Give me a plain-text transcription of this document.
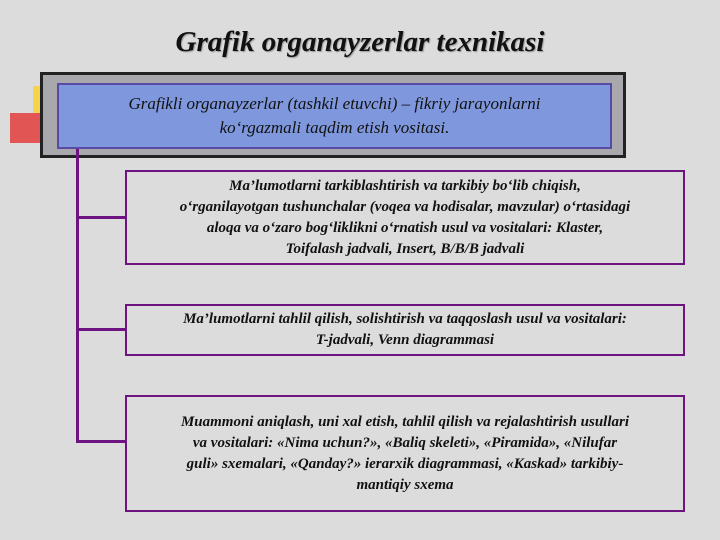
Grafik organayzerlar texnikasi
Grafikli organayzerlar (tashkil etuvchi) – fikriy jarayonlarni
koʻrgazmali taqdim etish vositasi.
Ma’lumotlarni tarkiblashtirish va tarkibiy boʻlib chiqish,
oʻrganilayotgan tushunchalar (voqea va hodisalar, mavzular) oʻrtasidagi
aloqa va oʻzaro bogʻliklikni oʻrnatish usul va vositalari: Klaster,
Toifalash jadvali, Insert, B/B/B jadvali
Ma’lumotlarni tahlil qilish, solishtirish va taqqoslash usul va vositalari:
T-jadvali, Venn diagrammasi
Muammoni aniqlash, uni xal etish, tahlil qilish va rejalashtirish usullari
va vositalari: «Nima uchun?», «Baliq skeleti», «Piramida», «Nilufar
guli» sxemalari, «Qanday?» ierarxik diagrammasi, «Kaskad» tarkibiy-
mantiqiy sxema
